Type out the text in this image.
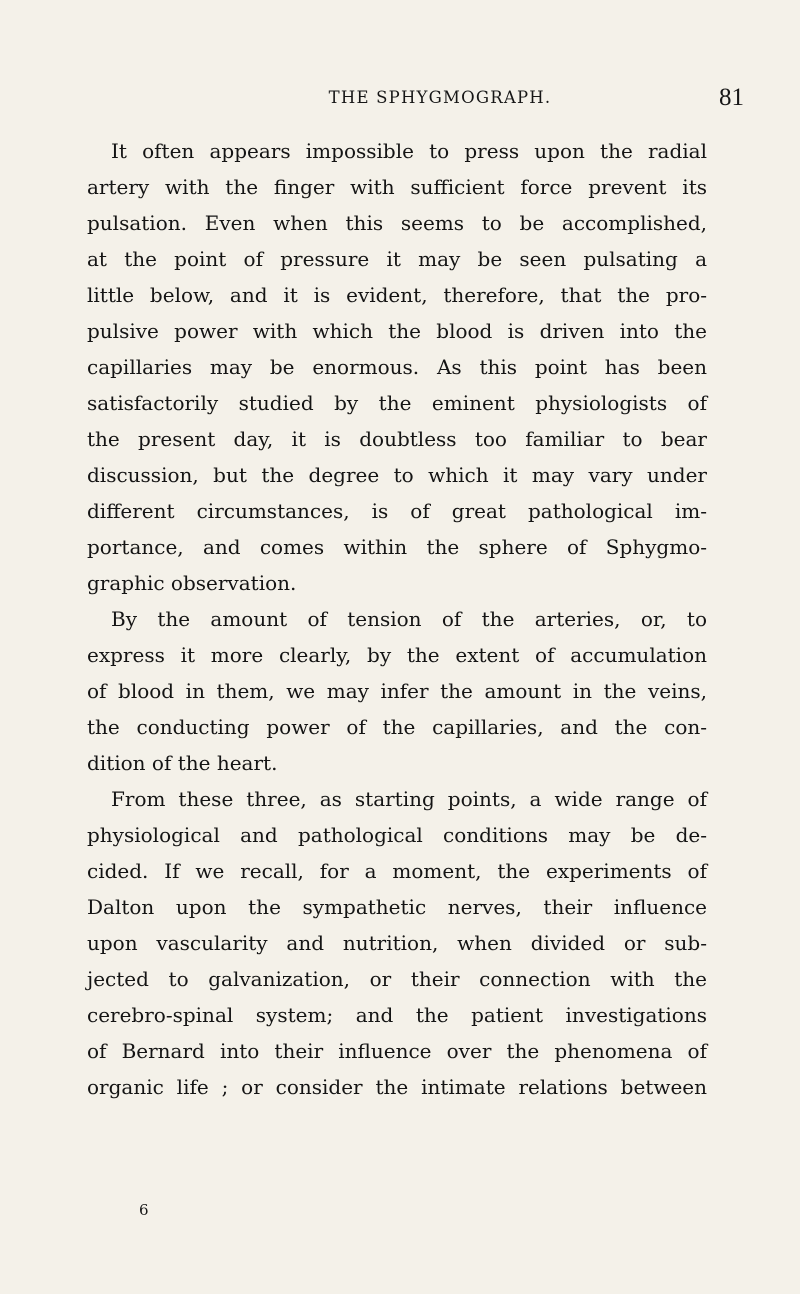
THE SPHYGMOGRAPH.	81
It often appears impossible to press upon the radial
artery with the finger with sufficient force prevent its
pulsation. Even when this seems to be accomplished,
at the point of pressure it may be seen pulsating a
little below, and it is evident, therefore, that the pro-
pulsive power with which the blood is driven into the
capillaries may be enormous. As this point has been
satisfactorily studied by the eminent physiologists of
the present day, it is doubtless too familiar to bear
discussion, but the degree to which it may vary under
different circumstances, is of great pathological im-
portance, and comes within the sphere of Sphygmo-
graphic observation.
By the amount of tension of the arteries, or, to
express it more clearly, by the extent of accumulation
of blood in them, we may infer the amount in the veins,
the conducting power of the capillaries, and the con-
dition of the heart.
From these three, as starting points, a wide range of
physiological and pathological conditions may be de-
cided. If we recall, for a moment, the experiments of
Dalton upon the sympathetic nerves, their influence
upon vascularity and nutrition, when divided or sub-
jected to galvanization, or their connection with the
cerebro-spinal system; and the patient investigations
of Bernard into their influence over the phenomena of
organic life ; or consider the intimate relations between
6
